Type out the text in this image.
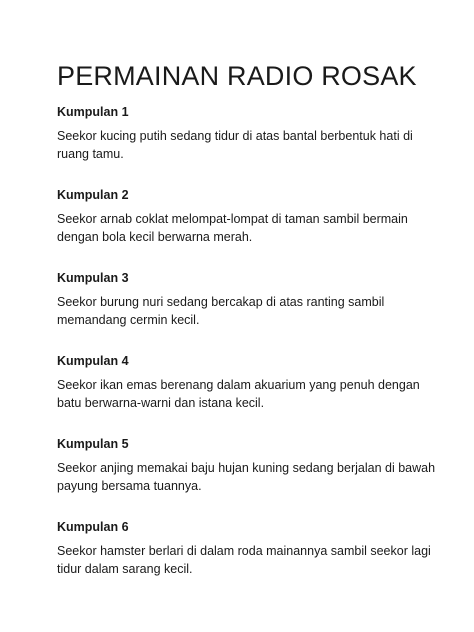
PERMAINAN RADIO ROSAK
Kumpulan 1

Seekor kucing putih sedang tidur di atas bantal berbentuk hati di ruang tamu.

Kumpulan 2

Seekor arnab coklat melompat-lompat di taman sambil bermain dengan bola kecil berwarna merah.

Kumpulan 3

Seekor burung nuri sedang bercakap di atas ranting sambil memandang cermin kecil.

Kumpulan 4

Seekor ikan emas berenang dalam akuarium yang penuh dengan batu berwarna-warni dan istana kecil.

Kumpulan 5

Seekor anjing memakai baju hujan kuning sedang berjalan di bawah payung bersama tuannya.

Kumpulan 6

Seekor hamster berlari di dalam roda mainannya sambil seekor lagi tidur dalam sarang kecil.
